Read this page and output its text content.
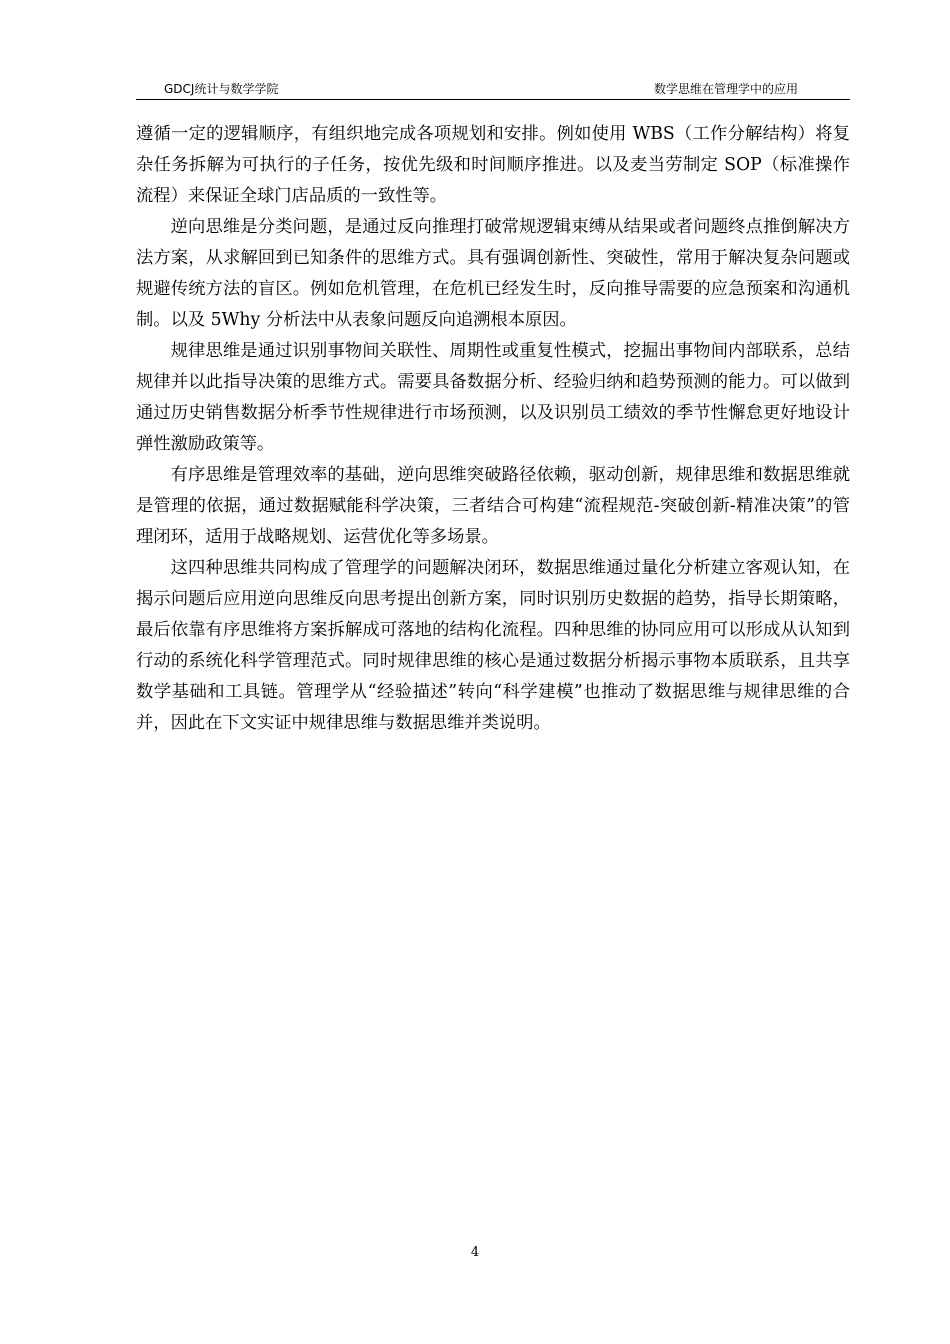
GDCJ统计与数学学院	数学思维在管理学中的应用

遵循一定的逻辑顺序，有组织地完成各项规划和安排。例如使用 WBS（工作分解结构）将复杂任务拆解为可执行的子任务，按优先级和时间顺序推进。以及麦当劳制定 SOP（标准操作流程）来保证全球门店品质的一致性等。

逆向思维是分类问题，是通过反向推理打破常规逻辑束缚从结果或者问题终点推倒解决方法方案，从求解回到已知条件的思维方式。具有强调创新性、突破性，常用于解决复杂问题或规避传统方法的盲区。例如危机管理，在危机已经发生时，反向推导需要的应急预案和沟通机制。以及 5Why 分析法中从表象问题反向追溯根本原因。

规律思维是通过识别事物间关联性、周期性或重复性模式，挖掘出事物间内部联系，总结规律并以此指导决策的思维方式。需要具备数据分析、经验归纳和趋势预测的能力。可以做到通过历史销售数据分析季节性规律进行市场预测，以及识别员工绩效的季节性懈怠更好地设计弹性激励政策等。

有序思维是管理效率的基础，逆向思维突破路径依赖，驱动创新，规律思维和数据思维就是管理的依据，通过数据赋能科学决策，三者结合可构建“流程规范-突破创新-精准决策”的管理闭环，适用于战略规划、运营优化等多场景。

这四种思维共同构成了管理学的问题解决闭环，数据思维通过量化分析建立客观认知，在揭示问题后应用逆向思维反向思考提出创新方案，同时识别历史数据的趋势，指导长期策略，最后依靠有序思维将方案拆解成可落地的结构化流程。四种思维的协同应用可以形成从认知到行动的系统化科学管理范式。同时规律思维的核心是通过数据分析揭示事物本质联系，且共享数学基础和工具链。管理学从“经验描述”转向“科学建模”也推动了数据思维与规律思维的合并，因此在下文实证中规律思维与数据思维并类说明。

4
